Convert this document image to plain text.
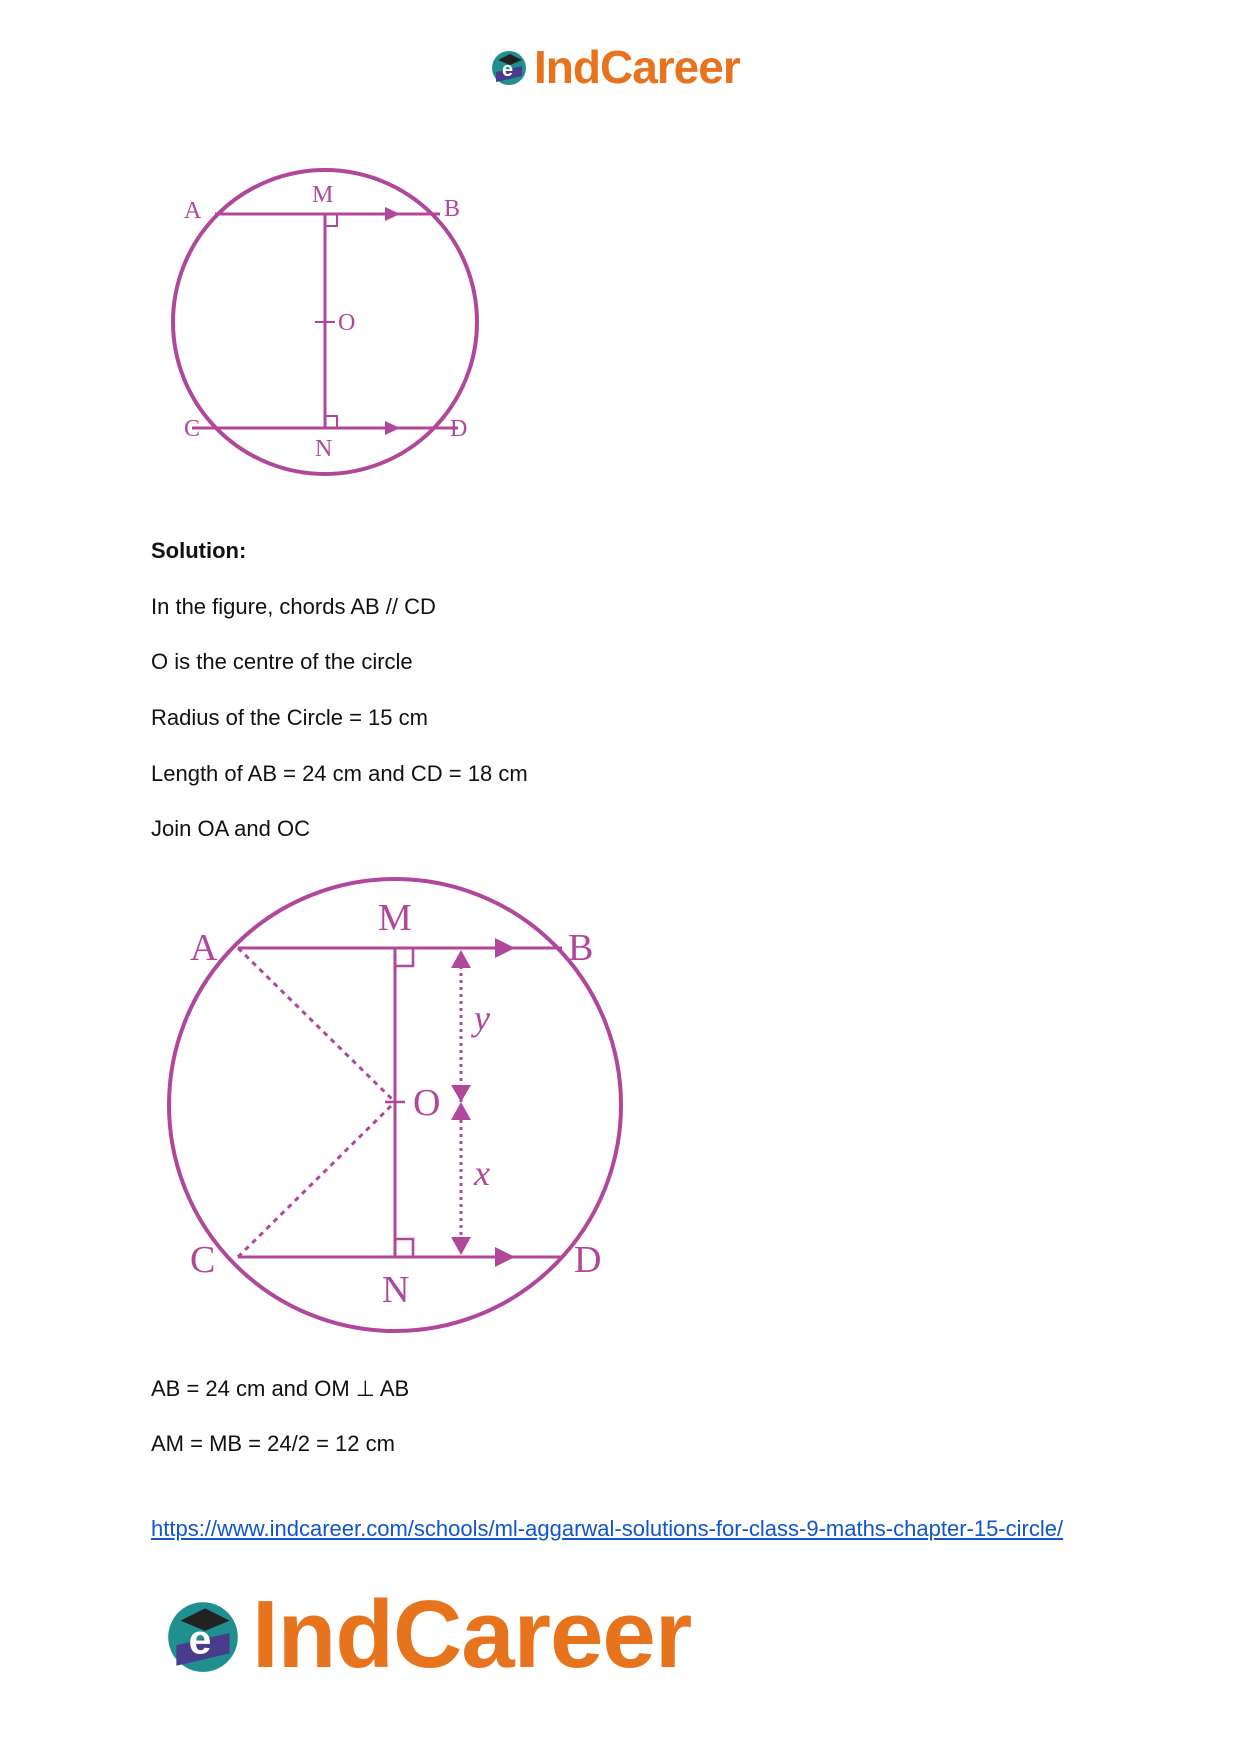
e IndCareer
A
M
B
O
C
N
D
Solution:
In the figure, chords AB // CD
O is the centre of the circle
Radius of the Circle = 15 cm
Length of AB = 24 cm and CD = 18 cm
Join OA and OC
A
M
B
y
O
x
C
N
D
AB = 24 cm and OM ⊥ AB
AM = MB = 24/2 = 12 cm
https://www.indcareer.com/schools/ml-aggarwal-solutions-for-class-9-maths-chapter-15-circle/
e IndCareer
